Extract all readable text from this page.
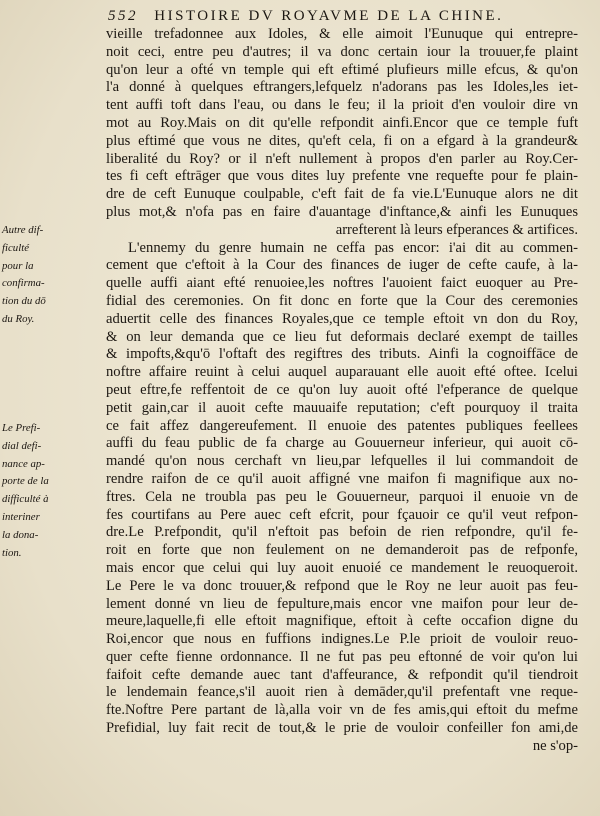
552 HISTOIRE DV ROYAVME DE LA CHINE.
vieille trefadonnee aux Idoles, & elle aimoit l'Eunuque qui entrepre-
noit ceci, entre peu d'autres; il va donc certain iour la trouuer,fe plaint
qu'on leur a ofté vn temple qui eft eftimé plufieurs mille efcus, & qu'on
l'a donné à quelques eftrangers,lefquelz n'adorans pas les Idoles,les iet-
tent auffi toft dans l'eau, ou dans le feu; il la prioit d'en vouloir dire vn
mot au Roy.Mais on dit qu'elle refpondit ainfi.Encor que ce temple fuft
plus eftimé que vous ne dites, qu'eft cela, fi on a efgard à la grandeur&
liberalité du Roy? or il n'eft nullement à propos d'en parler au Roy.Cer-
tes fi ceft eftrāger que vous dites luy prefente vne requefte pour fe plain-
dre de ceft Eunuque coulpable, c'eft fait de fa vie.L'Eunuque alors ne dit
plus mot,& n'ofa pas en faire d'auantage d'inftance,& ainfi les Eunuques
arrefterent là leurs efperances & artifices.
L'ennemy du genre humain ne ceffa pas encor: i'ai dit au commen-
cement que c'eftoit à la Cour des finances de iuger de cefte caufe, à la-
quelle auffi aiant efté renuoiee,les noftres l'auoient faict euoquer au Pre-
fidial des ceremonies. On fit donc en forte que la Cour des ceremonies
aduertit celle des finances Royales,que ce temple eftoit vn don du Roy,
& on leur demanda que ce lieu fut deformais declaré exempt de tailles
& impofts,&qu'ō l'oftaft des regiftres des tributs. Ainfi la cognoiffāce de
noftre affaire reuint à celui auquel auparauant elle auoit efté oftee. Icelui
peut eftre,fe reffentoit de ce qu'on luy auoit ofté l'efperance de quelque
petit gain,car il auoit cefte mauuaife reputation; c'eft pourquoy il traita
ce fait affez dangereufement. Il enuoie des patentes publiques feellees
auffi du feau public de fa charge au Gouuerneur inferieur, qui auoit cō-
mandé qu'on nous cerchaft vn lieu,par lefquelles il lui commandoit de
rendre raifon de ce qu'il auoit affigné vne maifon fi magnifique aux no-
ftres. Cela ne troubla pas peu le Gouuerneur, parquoi il enuoie vn de
fes courtifans au Pere auec ceft efcrit, pour fçauoir ce qu'il veut refpon-
dre.Le P.refpondit, qu'il n'eftoit pas befoin de rien refpondre, qu'il fe-
roit en forte que non feulement on ne demanderoit pas de refponfe,
mais encor que celui qui luy auoit enuoié ce mandement le reuoqueroit.
Le Pere le va donc trouuer,& refpond que le Roy ne leur auoit pas feu-
lement donné vn lieu de fepulture,mais encor vne maifon pour leur de-
meure,laquelle,fi elle eftoit magnifique, eftoit à cefte occafion digne du
Roi,encor que nous en fuffions indignes.Le P.le prioit de vouloir reuo-
quer cefte fienne ordonnance. Il ne fut pas peu eftonné de voir qu'on lui
faifoit cefte demande auec tant d'affeurance, & refpondit qu'il tiendroit
le lendemain feance,s'il auoit rien à demāder,qu'il prefentaft vne reque-
fte.Noftre Pere partant de là,alla voir vn de fes amis,qui eftoit du mefme
Prefidial, luy fait recit de tout,& le prie de vouloir confeiller fon ami,de
ne s'op-
Autre dif-
ficulté
pour la
confirma-
tion du dō
du Roy.
Le Prefi-
dial defi-
nance ap-
porte de la
difficulté à
interiner
la dona-
tion.
